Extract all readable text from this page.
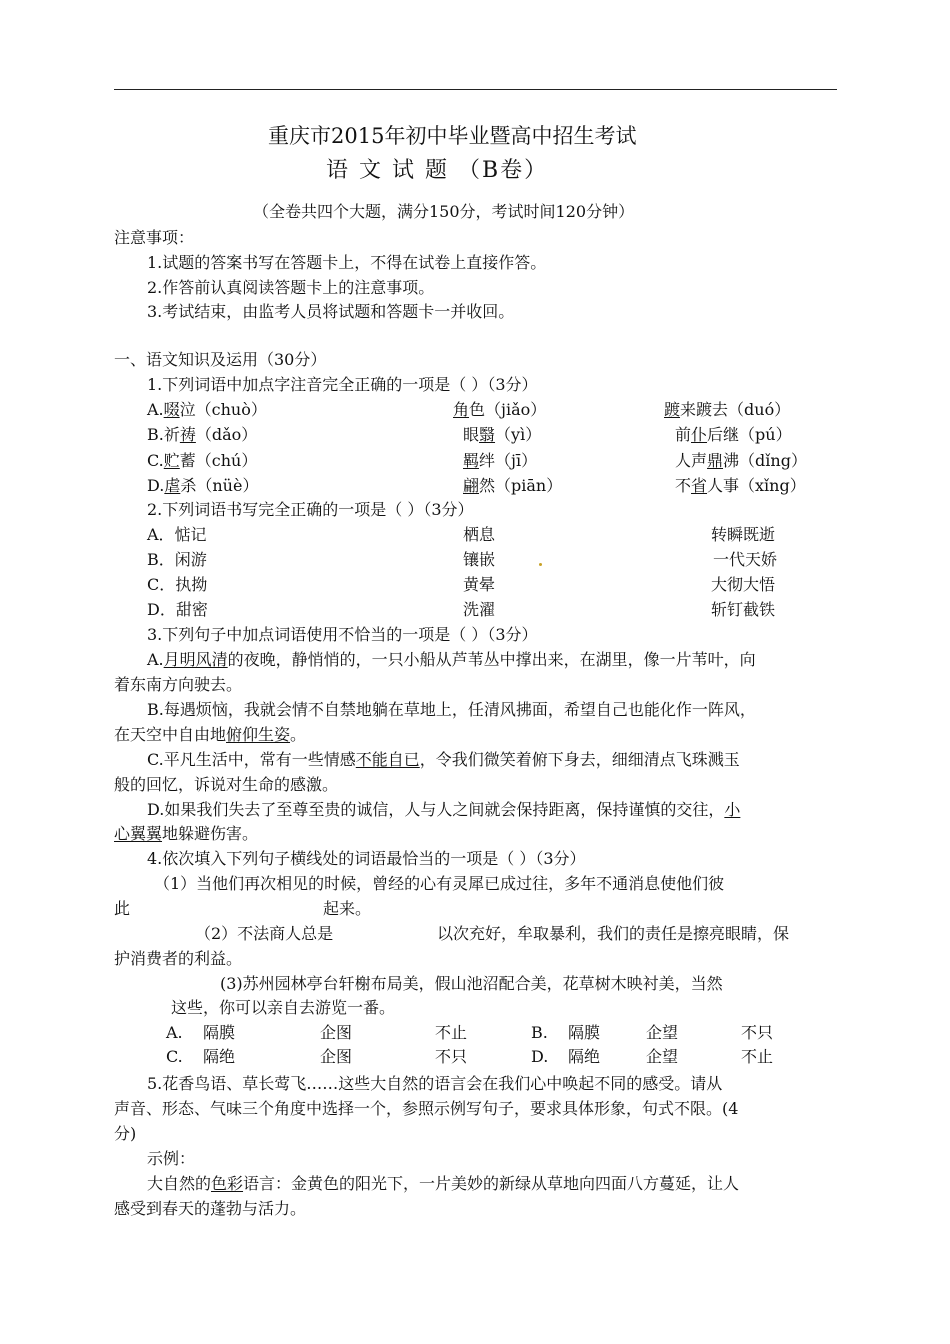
重庆市2015年初中毕业暨高中招生考试
语 文 试 题 （B卷）
（全卷共四个大题，满分150分，考试时间120分钟）
注意事项：
1.试题的答案书写在答题卡上，不得在试卷上直接作答。
2.作答前认真阅读答题卡上的注意事项。
3.考试结束，由监考人员将试题和答题卡一并收回。
一、语文知识及运用（30分）
1.下列词语中加点字注音完全正确的一项是（ ）（3分）
A.啜泣（chuò）	角色（jiǎo）	踱来踱去（duó）
B.祈祷（dǎo）	眼翳（yì）	前仆后继（pú）
C.贮蓄（chú）	羁绊（jī）	人声鼎沸（dǐng）
D.虐杀（nüè）	翩然（piān）	不省人事（xǐng）
2.下列词语书写完全正确的一项是（ ）（3分）
A．惦记	栖息	转瞬既逝
B．闲游	镶嵌	一代天娇
C．执拗	黄晕	大彻大悟
D．甜密	洗濯	斩钉截铁
3.下列句子中加点词语使用不恰当的一项是（ ）（3分）
A.月明风清的夜晚，静悄悄的，一只小船从芦苇丛中撑出来，在湖里，像一片苇叶，向
着东南方向驶去。
B.每遇烦恼，我就会情不自禁地躺在草地上，任清风拂面，希望自己也能化作一阵风，
在天空中自由地俯仰生姿。
C.平凡生活中，常有一些情感不能自已，令我们微笑着俯下身去，细细清点飞珠溅玉
般的回忆，诉说对生命的感激。
D.如果我们失去了至尊至贵的诚信，人与人之间就会保持距离，保持谨慎的交往，小
心翼翼地躲避伤害。
4.依次填入下列句子横线处的词语最恰当的一项是（ ）（3分）
（1）当他们再次相见的时候，曾经的心有灵犀已成过往，多年不通消息使他们彼
此	起来。
（2）不法商人总是	以次充好，牟取暴利，我们的责任是擦亮眼睛，保
护消费者的利益。
(3)苏州园林亭台轩榭布局美，假山池沼配合美，花草树木映衬美，当然
这些，你可以亲自去游览一番。
A. 隔膜	企图	不止	B. 隔膜	企望	不只
C. 隔绝	企图	不只	D. 隔绝	企望	不止
5.花香鸟语、草长莺飞……这些大自然的语言会在我们心中唤起不同的感受。请从
声音、形态、气味三个角度中选择一个，参照示例写句子，要求具体形象，句式不限。(4
分)
示例：
大自然的色彩语言：金黄色的阳光下，一片美妙的新绿从草地向四面八方蔓延，让人
感受到春天的蓬勃与活力。
